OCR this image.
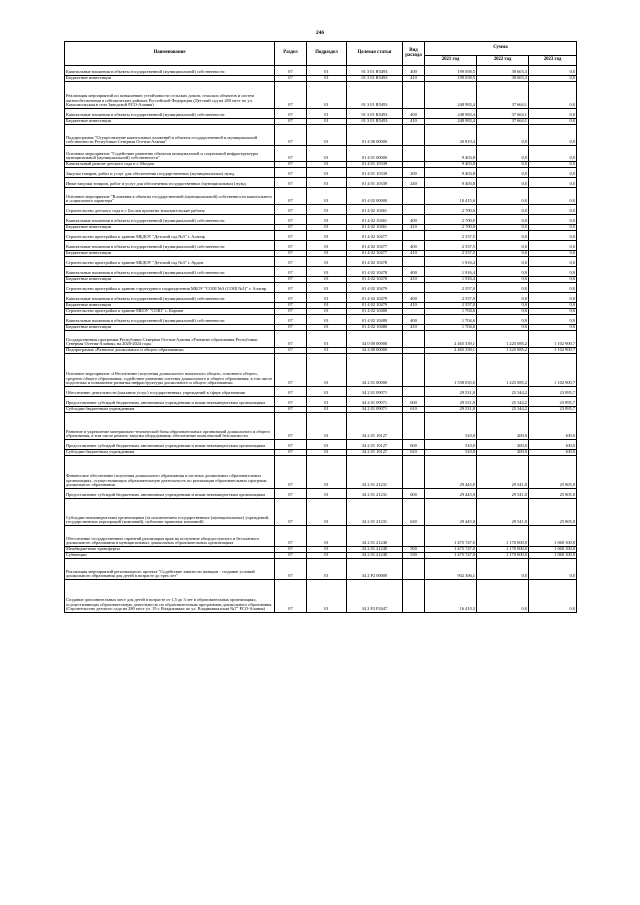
246
Наименование	Раздел	Подраздел	Целевая статья	Вид расхода	Сумма		
					2021 год	2022 год	2023 год
Капитальные вложения в объекты государственной (муниципальной) собственности	07	01	01 3 01 R5493	400	199 058,5	38 603,3	0,0
Бюджетные инвестиции	07	01	01 3 01 R5493	410	199 058,5	38 603,3	0,0
Реализация мероприятий по повышению устойчивости сельских домов, сельских объектов и систем жизнеобеспечения в сейсмических районах Российской Федерации (Детский сад на 280 мест по ул. Комсомольская в селе Заводской РСО-Алания)	07	01	01 3 01 R5493		248 983,4	37 664,1	0,0
Капитальные вложения в объекты государственной (муниципальной) собственности	07	01	01 3 01 R5493	400	248 983,4	37 664,1	0,0
Бюджетные инвестиции	07	01	01 3 01 R5493	410	248 983,4	37 664,1	0,0
Подпрограмма "Осуществление капитальных вложений в объекты государственной и муниципальной собственности Республики Северная Осетия-Алания"	07	01	01 4 00 00000		20 819,4	0,0	0,0
Основное мероприятие "Содействие развитию объектов коммунальной и социальной инфраструктуры муниципальной (муниципальной) собственности"	07	01	01 4 01 00000		9 403,8	0,0	0,0
Капитальный ремонт детского сада в г. Моздок	07	01	01 4 01 10339		9 403,8	0,0	0,0
Закупка товаров, работ и услуг для обеспечения государственных (муниципальных) нужд	07	01	01 4 01 10339	200	9 403,8	0,0	0,0
Иные закупки товаров, работ и услуг для обеспечения государственных (муниципальных) нужд	07	01	01 4 01 10339	240	9 403,8	0,0	0,0
Основное мероприятие "Вложения в объекты государственной (муниципальной) собственности капитального и социального характера"	07	01	01 4 02 00000		10 415,6	0,0	0,0
Строительство детского сада в г. Беслан проектно-изыскательские работы	07	01	01 4 02 10461		2 700,0	0,0	0,0
Капитальные вложения в объекты государственной (муниципальной) собственности	07	01	01 4 02 10461	400	2 700,0	0,0	0,0
Бюджетные инвестиции	07	01	01 4 02 10461	410	2 700,0	0,0	0,0
Строительство пристройки к зданию МБДОУ "Детский сад №3" г. Алагир	07	01	01 4 02 10477		2 537,5	0,0	0,0
Капитальные вложения в объекты государственной (муниципальной) собственности	07	01	01 4 02 10477	400	2 537,5	0,0	0,0
Бюджетные инвестиции	07	01	01 4 02 10477	410	2 537,5	0,0	0,0
Строительство пристройки к зданию МБДОУ "Детский сад №3" г. Ардон	07	01	01 4 02 10478		1 916,4	0,0	0,0
Капитальные вложения в объекты государственной (муниципальной) собственности	07	01	01 4 02 10478	400	1 916,4	0,0	0,0
Бюджетные инвестиции	07	01	01 4 02 10478	410	1 916,4	0,0	0,0
Строительство пристройки к зданию структурного подразделения МБОУ "СОШ №3 (СОШ №1)" г. Алагир	07	01	01 4 02 10479		2 557,0	0,0	0,0
Капитальные вложения в объекты государственной (муниципальной) собственности	07	01	01 4 02 10479	400	2 557,0	0,0	0,0
Бюджетные инвестиции	07	01	01 4 02 10479	410	2 557,0	0,0	0,0
Строительство пристройки к зданию МБОУ "СОШ" с. Карман	07	01	01 4 02 10480		1 704,6	0,0	0,0
Капитальные вложения в объекты государственной (муниципальной) собственности	07	01	01 4 02 10480	400	1 704,6	0,0	0,0
Бюджетные инвестиции	07	01	01 4 02 10480	410	1 704,6	0,0	0,0
Государственная программа Республики Северная Осетия-Алания «Развитие образования Республики Северная Осетия-Алания» на 2020-2024 годы	07	01	34 0 00 00000		2 465 339,1	1 225 085,2	1 102 900,7
Подпрограмма «Развитие дошкольного и общего образования»	07	01	34 2 00 00000		2 465 339,1	1 225 085,2	1 102 900,7
Основное мероприятие «Обеспечение получения дошкольного начального общего, основного общего, среднего общего образования, содействие развитию системы дошкольного и общего образования, в том числе подготовка и повышение развития инфраструктуры дошкольного и общего образования»	07	01	34 2 01 00000		1 558 035,0	1 225 085,2	1 102 900,7
Обеспечение деятельности (оказание услуг) государственных учреждений в сфере образования	07	01	34 2 01 09071		29 531,0	25 344,2	23 895,7
Предоставление субсидий бюджетным, автономным учреждениям и иным некоммерческим организациям	07	01	34 2 01 09071	600	29 531,0	25 344,2	23 895,7
Субсидии бюджетным учреждениям	07	01	34 2 01 09071	610	29 531,0	25 344,2	23 895,7
Развитие и укрепление материально-технической базы образовательных организаций дошкольного и общего образования, в том числе ремонт, закупка оборудования, обеспечение комплексной безопасности	07	01	34 2 01 10127		310,0	200,0	100,0
Предоставление субсидий бюджетным, автономным учреждениям и иным некоммерческим организациям	07	01	34 2 01 10127	600	310,0	200,0	100,0
Субсидии бюджетным учреждениям	07	01	34 2 01 10127	610	310,0	200,0	100,0
Финансовое обеспечение получения дошкольного образования в частных дошкольных образовательных организациях, осуществляющих образовательную деятельность по реализации образовательных программ дошкольного образования	07	01	34 2 01 21231		29 445,0	29 541,0	25 805,0
Предоставление субсидий бюджетным, автономным учреждениям и иным некоммерческим организациям	07	01	34 2 01 21231	600	29 445,0	29 541,0	25 805,0
Субсидии некоммерческим организациям (за исключением государственных (муниципальных) учреждений, государственных корпораций (компаний), публично-правовых компаний)	07	01	34 2 01 21231	630	29 445,0	29 541,0	25 805,0
Обеспечение государственных гарантий реализации прав на получение общедоступного и бесплатного дошкольного образования в муниципальных дошкольных образовательных организациях	07	01	34 2 01 21240		1 475 747,0	1 170 000,0	1 060 100,0
Межбюджетные трансферты	07	01	34 2 01 21240	500	1 475 747,0	1 170 000,0	1 060 100,0
Субвенции	07	01	34 2 01 21240	530	1 475 747,0	1 170 000,0	1 060 100,0
Реализация мероприятий регионального проекта "Содействие занятости женщин - создание условий дошкольного образования для детей в возрасте до трех лет"	07	01	34 2 P2 00000		932 306,1	0,0	0,0
Создание дополнительных мест для детей в возрасте от 1,5 до 3 лет в образовательных организациях, осуществляющих образовательную деятельность по образовательным программам дошкольного образования (Строительство детского сада на 280 мест ул. 19 г. Владикавказ по ул. Владикавказская №7" РСО-Алания)	07	01	34 2 P2 P2447		16 410,3	0,0	0,0
